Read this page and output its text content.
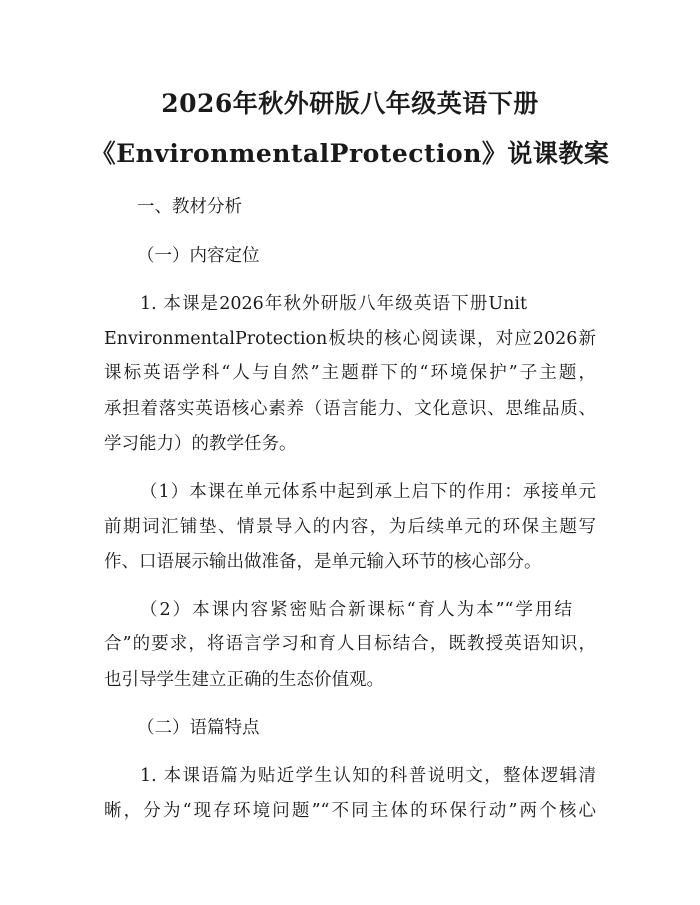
2026年秋外研版八年级英语下册
《EnvironmentalProtection》说课教案
一、教材分析
（一）内容定位
1. 本课是2026年秋外研版八年级英语下册Unit
EnvironmentalProtection板块的核心阅读课，对应2026新
课标英语学科“人与自然”主题群下的“环境保护”子主题，
承担着落实英语核心素养（语言能力、文化意识、思维品质、
学习能力）的教学任务。
（1）本课在单元体系中起到承上启下的作用：承接单元
前期词汇铺垫、情景导入的内容，为后续单元的环保主题写
作、口语展示输出做准备，是单元输入环节的核心部分。
（2）本课内容紧密贴合新课标“育人为本”“学用结
合”的要求，将语言学习和育人目标结合，既教授英语知识，
也引导学生建立正确的生态价值观。
（二）语篇特点
1. 本课语篇为贴近学生认知的科普说明文，整体逻辑清
晰，分为“现存环境问题”“不同主体的环保行动”两个核心
